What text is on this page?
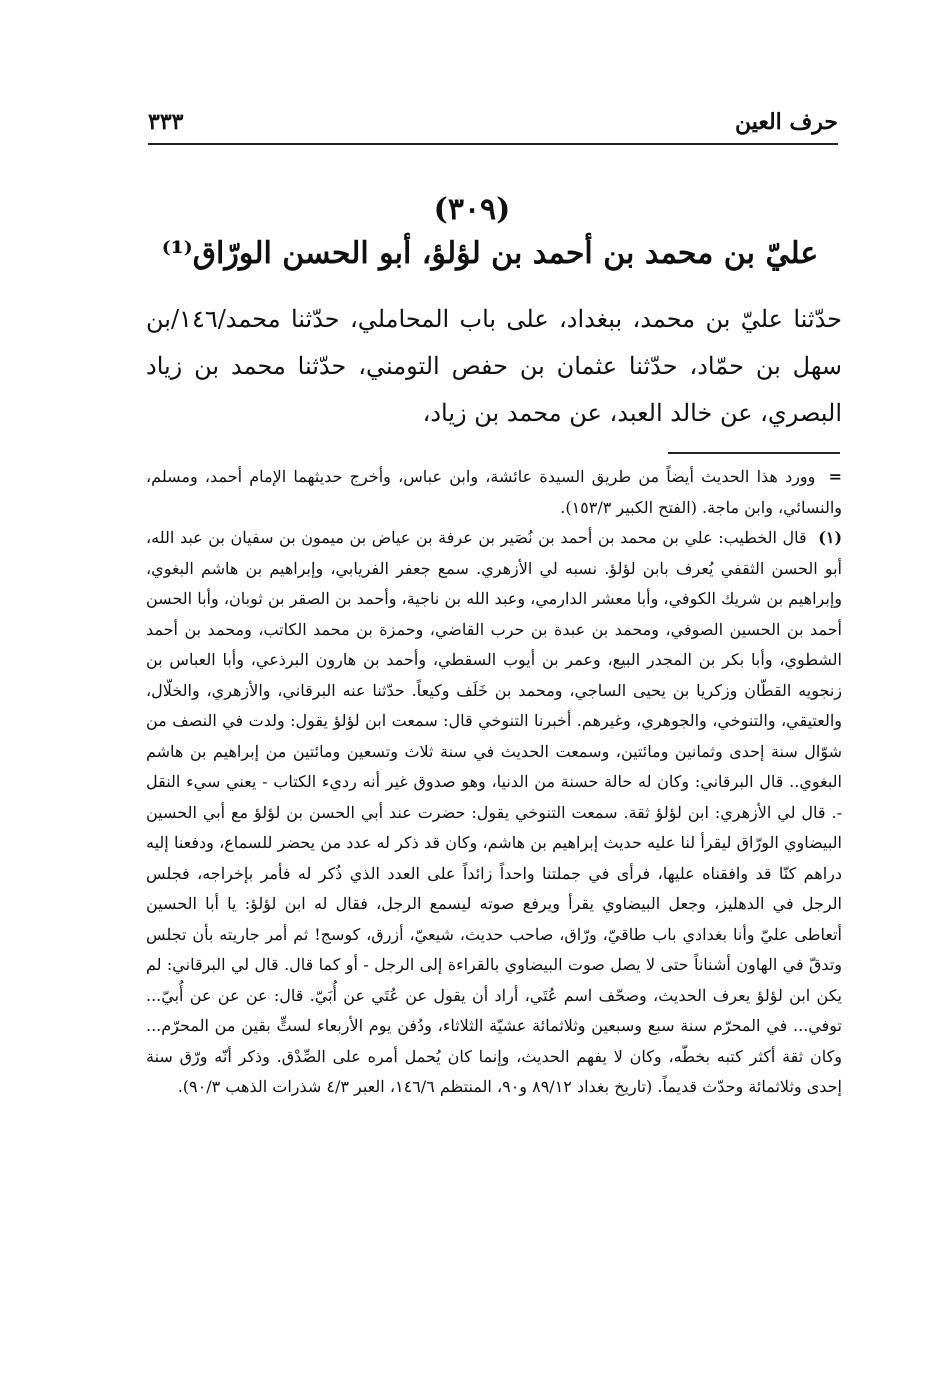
حرف العين
٣٣٣
(٣٠٩)
عليّ بن محمد بن أحمد بن لؤلؤ، أبو الحسن الورّاق⁽¹⁾
حدّثنا عليّ بن محمد، ببغداد، على باب المحاملي، حدّثنا محمد/١٤٦/بن سهل بن حمّاد، حدّثنا عثمان بن حفص التومني، حدّثنا محمد بن زياد البصري، عن خالد العبد، عن محمد بن زياد،

= وورد هذا الحديث أيضاً من طريق السيدة عائشة، وابن عباس، وأخرج حديثهما الإمام أحمد، ومسلم، والنسائي، وابن ماجة. (الفتح الكبير ١٥٣/٣).

(١) قال الخطيب: علي بن محمد بن أحمد بن نُصَير بن عرفة بن عياض بن ميمون بن سفيان بن عبد الله، أبو الحسن الثقفي يُعرف بابن لؤلؤ. نسبه لي الأزهري. سمع جعفر الفريابي، وإبراهيم بن هاشم البغوي، وإبراهيم بن شريك الكوفي، وأبا معشر الدارمي، وعبد الله بن ناجية، وأحمد بن الصقر بن ثوبان، وأبا الحسن أحمد بن الحسين الصوفي، ومحمد بن عبدة بن حرب القاضي، وحمزة بن محمد الكاتب، ومحمد بن أحمد الشطوي، وأبا بكر بن المجدر البيع، وعمر بن أيوب السقطي، وأحمد بن هارون البرذعي، وأبا العباس بن زنجويه القطّان وزكريا بن يحيى الساجي، ومحمد بن خَلَف وكيعاً. حدّثنا عنه البرقاني، والأزهري، والخلّال، والعتيقي، والتنوخي، والجوهري، وغيرهم. أخبرنا التنوخي قال: سمعت ابن لؤلؤ يقول: ولدت في النصف من شوّال سنة إحدى وثمانين ومائتين، وسمعت الحديث في سنة ثلاث وتسعين ومائتين من إبراهيم بن هاشم البغوي.. قال البرقاني: وكان له حالة حسنة من الدنيا، وهو صدوق غير أنه رديء الكتاب - يعني سيء النقل -. قال لي الأزهري: ابن لؤلؤ ثقة. سمعت التنوخي يقول: حضرت عند أبي الحسن بن لؤلؤ مع أبي الحسين البيضاوي الورّاق ليقرأ لنا عليه حديث إبراهيم بن هاشم، وكان قد ذكر له عدد من يحضر للسماع، ودفعنا إليه دراهم كنّا قد وافقناه عليها، فرأى في جملتنا واحداً زائداً على العدد الذي ذُكر له فأمر بإخراجه، فجلس الرجل في الدهليز، وجعل البيضاوي يقرأ ويرفع صوته ليسمع الرجل، فقال له ابن لؤلؤ: يا أبا الحسين أتعاطى عليّ وأنا بغدادي باب طاقيّ، ورّاق، صاحب حديث، شيعيّ، أزرق، كوسج! ثم أمر جاريته بأن تجلس وتدقّ في الهاون أشناناً حتى لا يصل صوت البيضاوي بالقراءة إلى الرجل - أو كما قال. قال لي البرقاني: لم يكن ابن لؤلؤ يعرف الحديث، وصحّف اسم عُتَي، أراد أن يقول عن عُتَي عن أُبَيّ. قال: عن عن عن أُبيّ... توفي... في المحرّم سنة سبع وسبعين وثلاثمائة عشيّة الثلاثاء، ودُفن يوم الأربعاء لستٍّ بقين من المحرّم... وكان ثقة أكثر كتبه بخطّه، وكان لا يفهم الحديث، وإنما كان يُحمل أمره على الصِّدْق. وذكر أنّه ورّق سنة إحدى وثلاثمائة وحدّث قديماً. (تاريخ بغداد ٨٩/١٢ و٩٠، المنتظم ١٤٦/٦، العبر ٤/٣ شذرات الذهب ٩٠/٣).
